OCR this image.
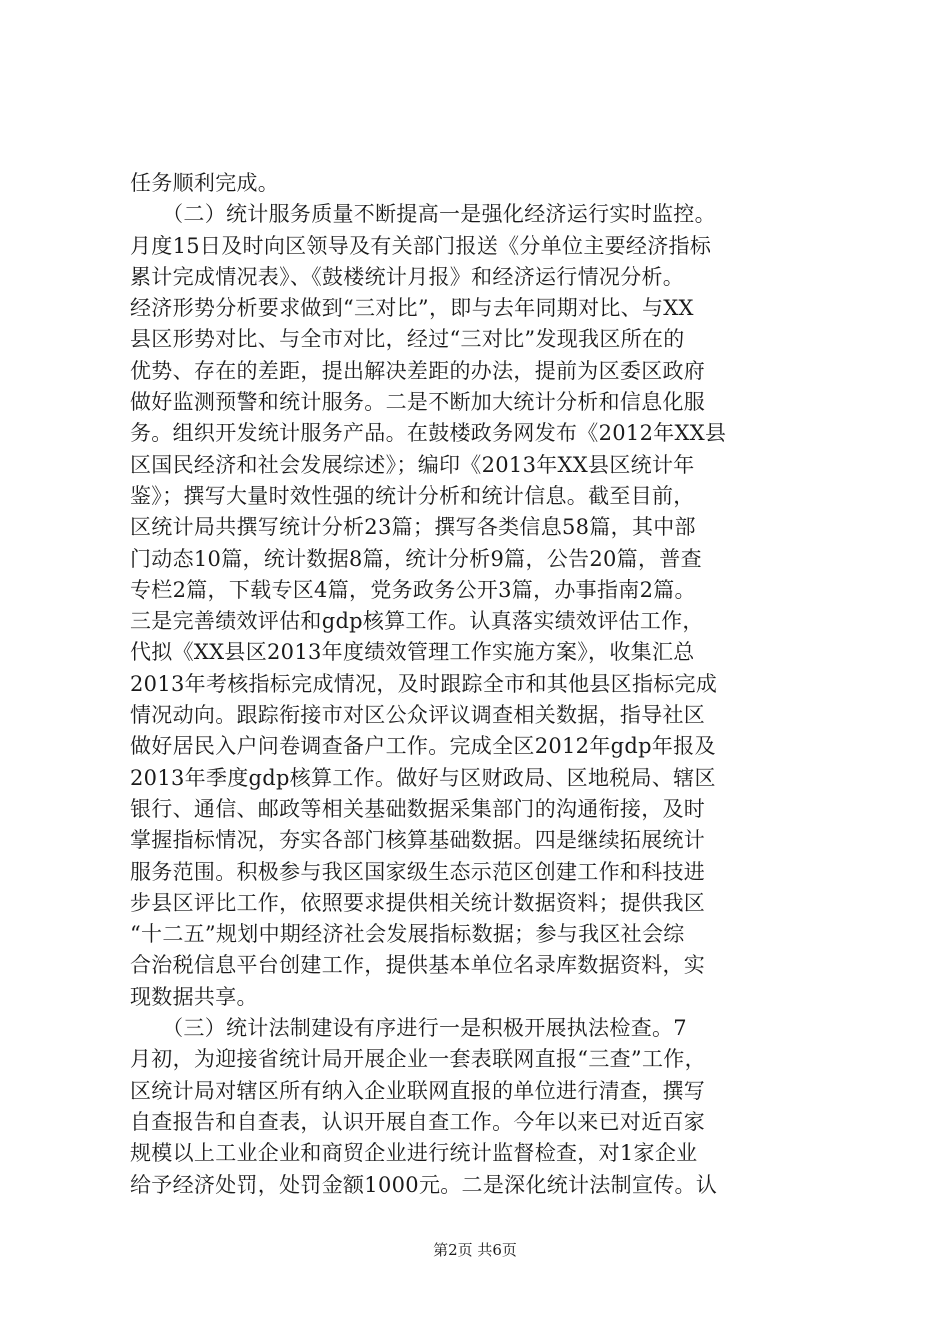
任务顺利完成。
　　（二）统计服务质量不断提高一是强化经济运行实时监控。
月度15日及时向区领导及有关部门报送《分单位主要经济指标
累计完成情况表》、《鼓楼统计月报》和经济运行情况分析。
经济形势分析要求做到“三对比”，即与去年同期对比、与XX
县区形势对比、与全市对比，经过“三对比”发现我区所在的
优势、存在的差距，提出解决差距的办法，提前为区委区政府
做好监测预警和统计服务。二是不断加大统计分析和信息化服
务。组织开发统计服务产品。在鼓楼政务网发布《2012年XX县
区国民经济和社会发展综述》；编印《2013年XX县区统计年
鉴》；撰写大量时效性强的统计分析和统计信息。截至目前，
区统计局共撰写统计分析23篇；撰写各类信息58篇，其中部
门动态10篇，统计数据8篇，统计分析9篇，公告20篇，普查
专栏2篇，下载专区4篇，党务政务公开3篇，办事指南2篇。
三是完善绩效评估和gdp核算工作。认真落实绩效评估工作，
代拟《XX县区2013年度绩效管理工作实施方案》，收集汇总
2013年考核指标完成情况，及时跟踪全市和其他县区指标完成
情况动向。跟踪衔接市对区公众评议调查相关数据，指导社区
做好居民入户问卷调查备户工作。完成全区2012年gdp年报及
2013年季度gdp核算工作。做好与区财政局、区地税局、辖区
银行、通信、邮政等相关基础数据采集部门的沟通衔接，及时
掌握指标情况，夯实各部门核算基础数据。四是继续拓展统计
服务范围。积极参与我区国家级生态示范区创建工作和科技进
步县区评比工作，依照要求提供相关统计数据资料；提供我区
“十二五”规划中期经济社会发展指标数据；参与我区社会综
合治税信息平台创建工作，提供基本单位名录库数据资料，实
现数据共享。
　　（三）统计法制建设有序进行一是积极开展执法检查。7
月初，为迎接省统计局开展企业一套表联网直报“三查”工作，
区统计局对辖区所有纳入企业联网直报的单位进行清查，撰写
自查报告和自查表，认识开展自查工作。今年以来已对近百家
规模以上工业企业和商贸企业进行统计监督检查，对1家企业
给予经济处罚，处罚金额1000元。二是深化统计法制宣传。认
第2页 共6页
